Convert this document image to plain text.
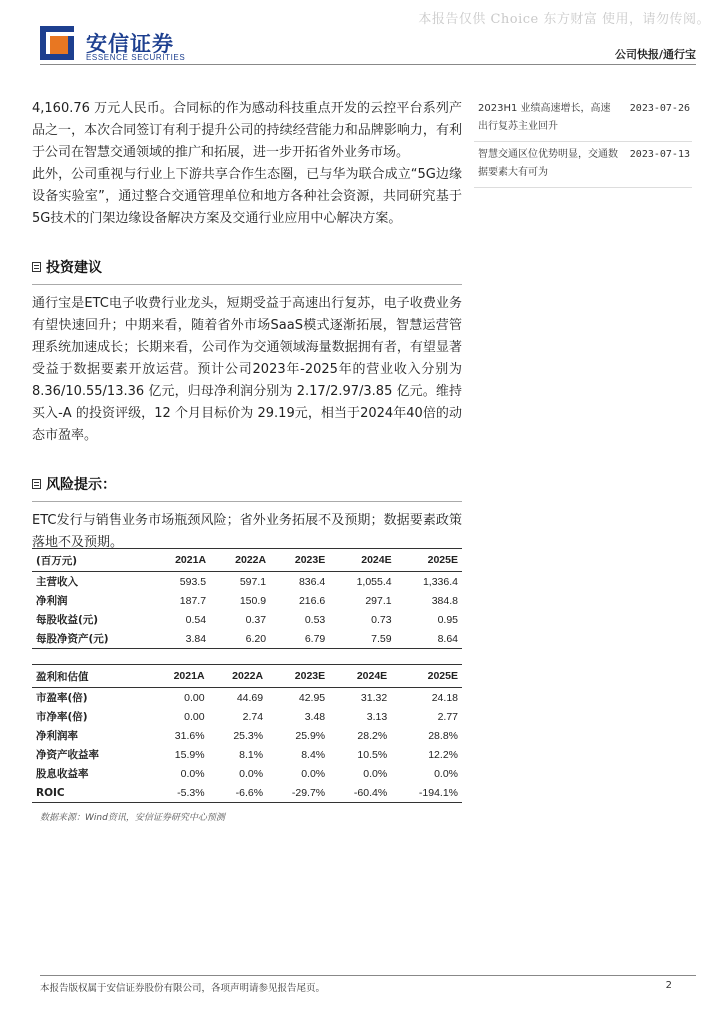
本报告仅供 Choice 东方财富 使用，请勿传阅。
安信证券
ESSENCE SECURITIES	公司快报/通行宝

4,160.76 万元人民币。合同标的作为感动科技重点开发的云控平台系列产品之一，本次合同签订有利于提升公司的持续经营能力和品牌影响力，有利于公司在智慧交通领域的推广和拓展，进一步开拓省外业务市场。

此外，公司重视与行业上下游共享合作生态圈，已与华为联合成立“5G边缘设备实验室”，通过整合交通管理单位和地方各种社会资源，共同研究基于5G技术的门架边缘设备解决方案及交通行业应用中心解决方案。

投资建议

通行宝是ETC电子收费行业龙头，短期受益于高速出行复苏，电子收费业务有望快速回升；中期来看，随着省外市场SaaS模式逐渐拓展，智慧运营管理系统加速成长；长期来看，公司作为交通领域海量数据拥有者，有望显著受益于数据要素开放运营。预计公司2023年-2025年的营业收入分别为 8.36/10.55/13.36 亿元，归母净利润分别为 2.17/2.97/3.85 亿元。维持买入-A 的投资评级，12 个月目标价为 29.19元，相当于2024年40倍的动态市盈率。

风险提示：

ETC发行与销售业务市场瓶颈风险；省外业务拓展不及预期；数据要素政策落地不及预期。

2023H1 业绩高速增长，高速出行复苏主业回升
2023-07-26
智慧交通区位优势明显，交通数据要素大有可为
2023-07-13
(百万元)	2021A	2022A	2023E	2024E	2025E
主营收入	593.5	597.1	836.4	1,055.4	1,336.4
净利润	187.7	150.9	216.6	297.1	384.8
每股收益(元)	0.54	0.37	0.53	0.73	0.95
每股净资产(元)	3.84	6.20	6.79	7.59	8.64
盈利和估值	2021A	2022A	2023E	2024E	2025E
市盈率(倍)	0.00	44.69	42.95	31.32	24.18
市净率(倍)	0.00	2.74	3.48	3.13	2.77
净利润率	31.6%	25.3%	25.9%	28.2%	28.8%
净资产收益率	15.9%	8.1%	8.4%	10.5%	12.2%
股息收益率	0.0%	0.0%	0.0%	0.0%	0.0%
ROIC	-5.3%	-6.6%	-29.7%	-60.4%	-194.1%
数据来源：Wind资讯，安信证券研究中心预测
本报告版权属于安信证券股份有限公司，各项声明请参见报告尾页。	2
